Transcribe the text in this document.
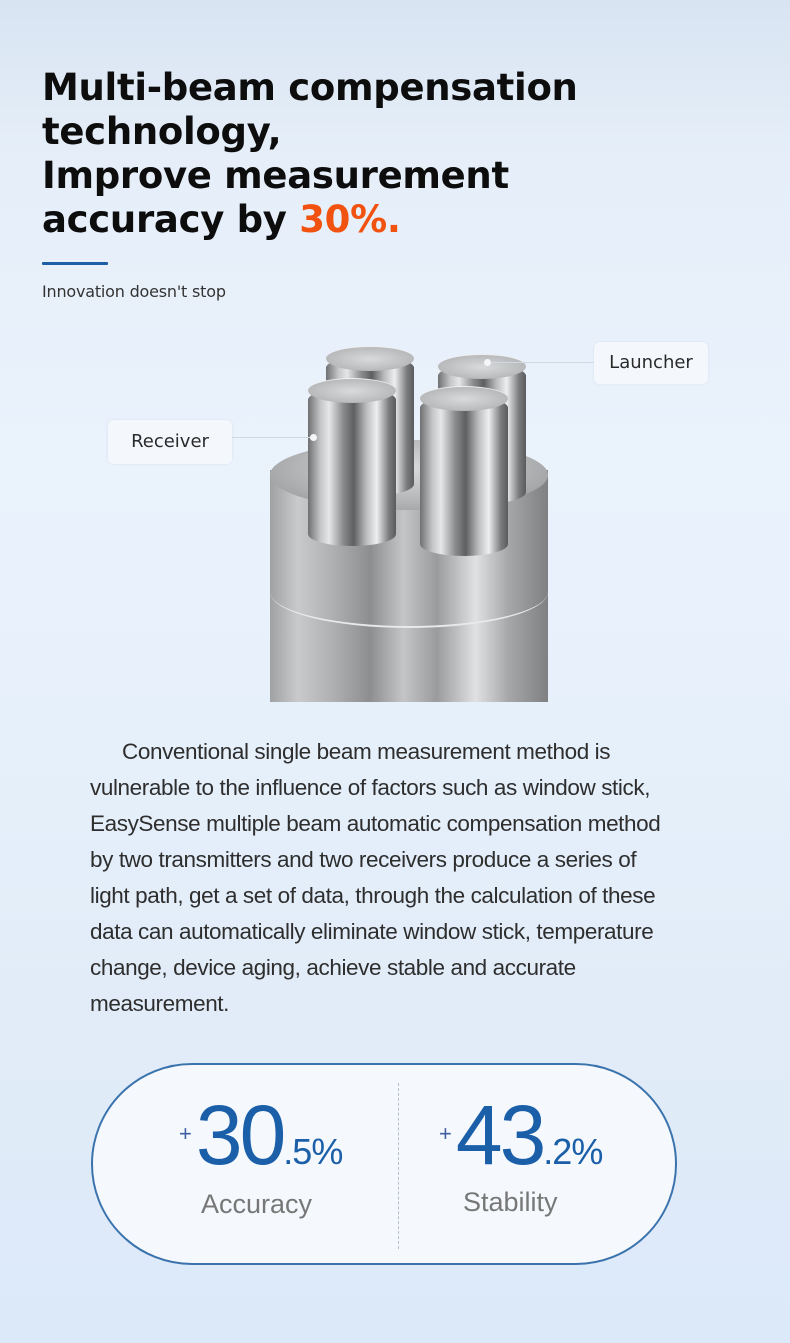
Multi-beam compensation
technology,
Improve measurement
accuracy by 30%.
Innovation doesn't stop
Launcher
Receiver
Conventional single beam measurement method is
vulnerable to the influence of factors such as window stick,
EasySense multiple beam automatic compensation method
by two transmitters and two receivers produce a series of
light path, get a set of data, through the calculation of these
data can automatically eliminate window stick, temperature
change, device aging, achieve stable and accurate
measurement.
+30.5%
Accuracy
+43.2%
Stability
